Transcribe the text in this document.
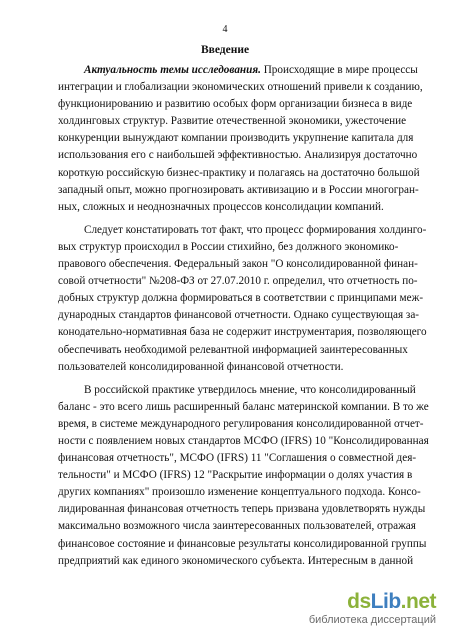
4
Введение
Актуальность темы исследования. Происходящие в мире процессы
интеграции и глобализации экономических отношений привели к созданию,
функционированию и развитию особых форм организации бизнеса в виде
холдинговых структур. Развитие отечественной экономики, ужесточение
конкуренции вынуждают компании производить укрупнение капитала для
использования его с наибольшей эффективностью. Анализируя достаточно
короткую российскую бизнес-практику и полагаясь на достаточно большой
западный опыт, можно прогнозировать активизацию и в России многогран-
ных, сложных и неоднозначных процессов консолидации компаний.
Следует констатировать тот факт, что процесс формирования холдинго-
вых структур происходил в России стихийно, без должного экономико-
правового обеспечения. Федеральный закон "О консолидированной финан-
совой отчетности" №208-ФЗ от 27.07.2010 г. определил, что отчетность по-
добных структур должна формироваться в соответствии с принципами меж-
дународных стандартов финансовой отчетности. Однако существующая за-
конодательно-нормативная база не содержит инструментария, позволяющего
обеспечивать необходимой релевантной информацией заинтересованных
пользователей консолидированной финансовой отчетности.
В российской практике утвердилось мнение, что консолидированный
баланс - это всего лишь расширенный баланс материнской компании. В то же
время, в системе международного регулирования консолидированной отчет-
ности с появлением новых стандартов МСФО (IFRS) 10 "Консолидированная
финансовая отчетность", МСФО (IFRS) 11 "Соглашения о совместной дея-
тельности" и МСФО (IFRS) 12 "Раскрытие информации о долях участия в
других компаниях" произошло изменение концептуального подхода. Консо-
лидированная финансовая отчетность теперь призвана удовлетворять нужды
максимально возможного числа заинтересованных пользователей, отражая
финансовое состояние и финансовые результаты консолидированной группы
предприятий как единого экономического субъекта. Интересным в данной
dsLib.net
библиотека диссертаций
